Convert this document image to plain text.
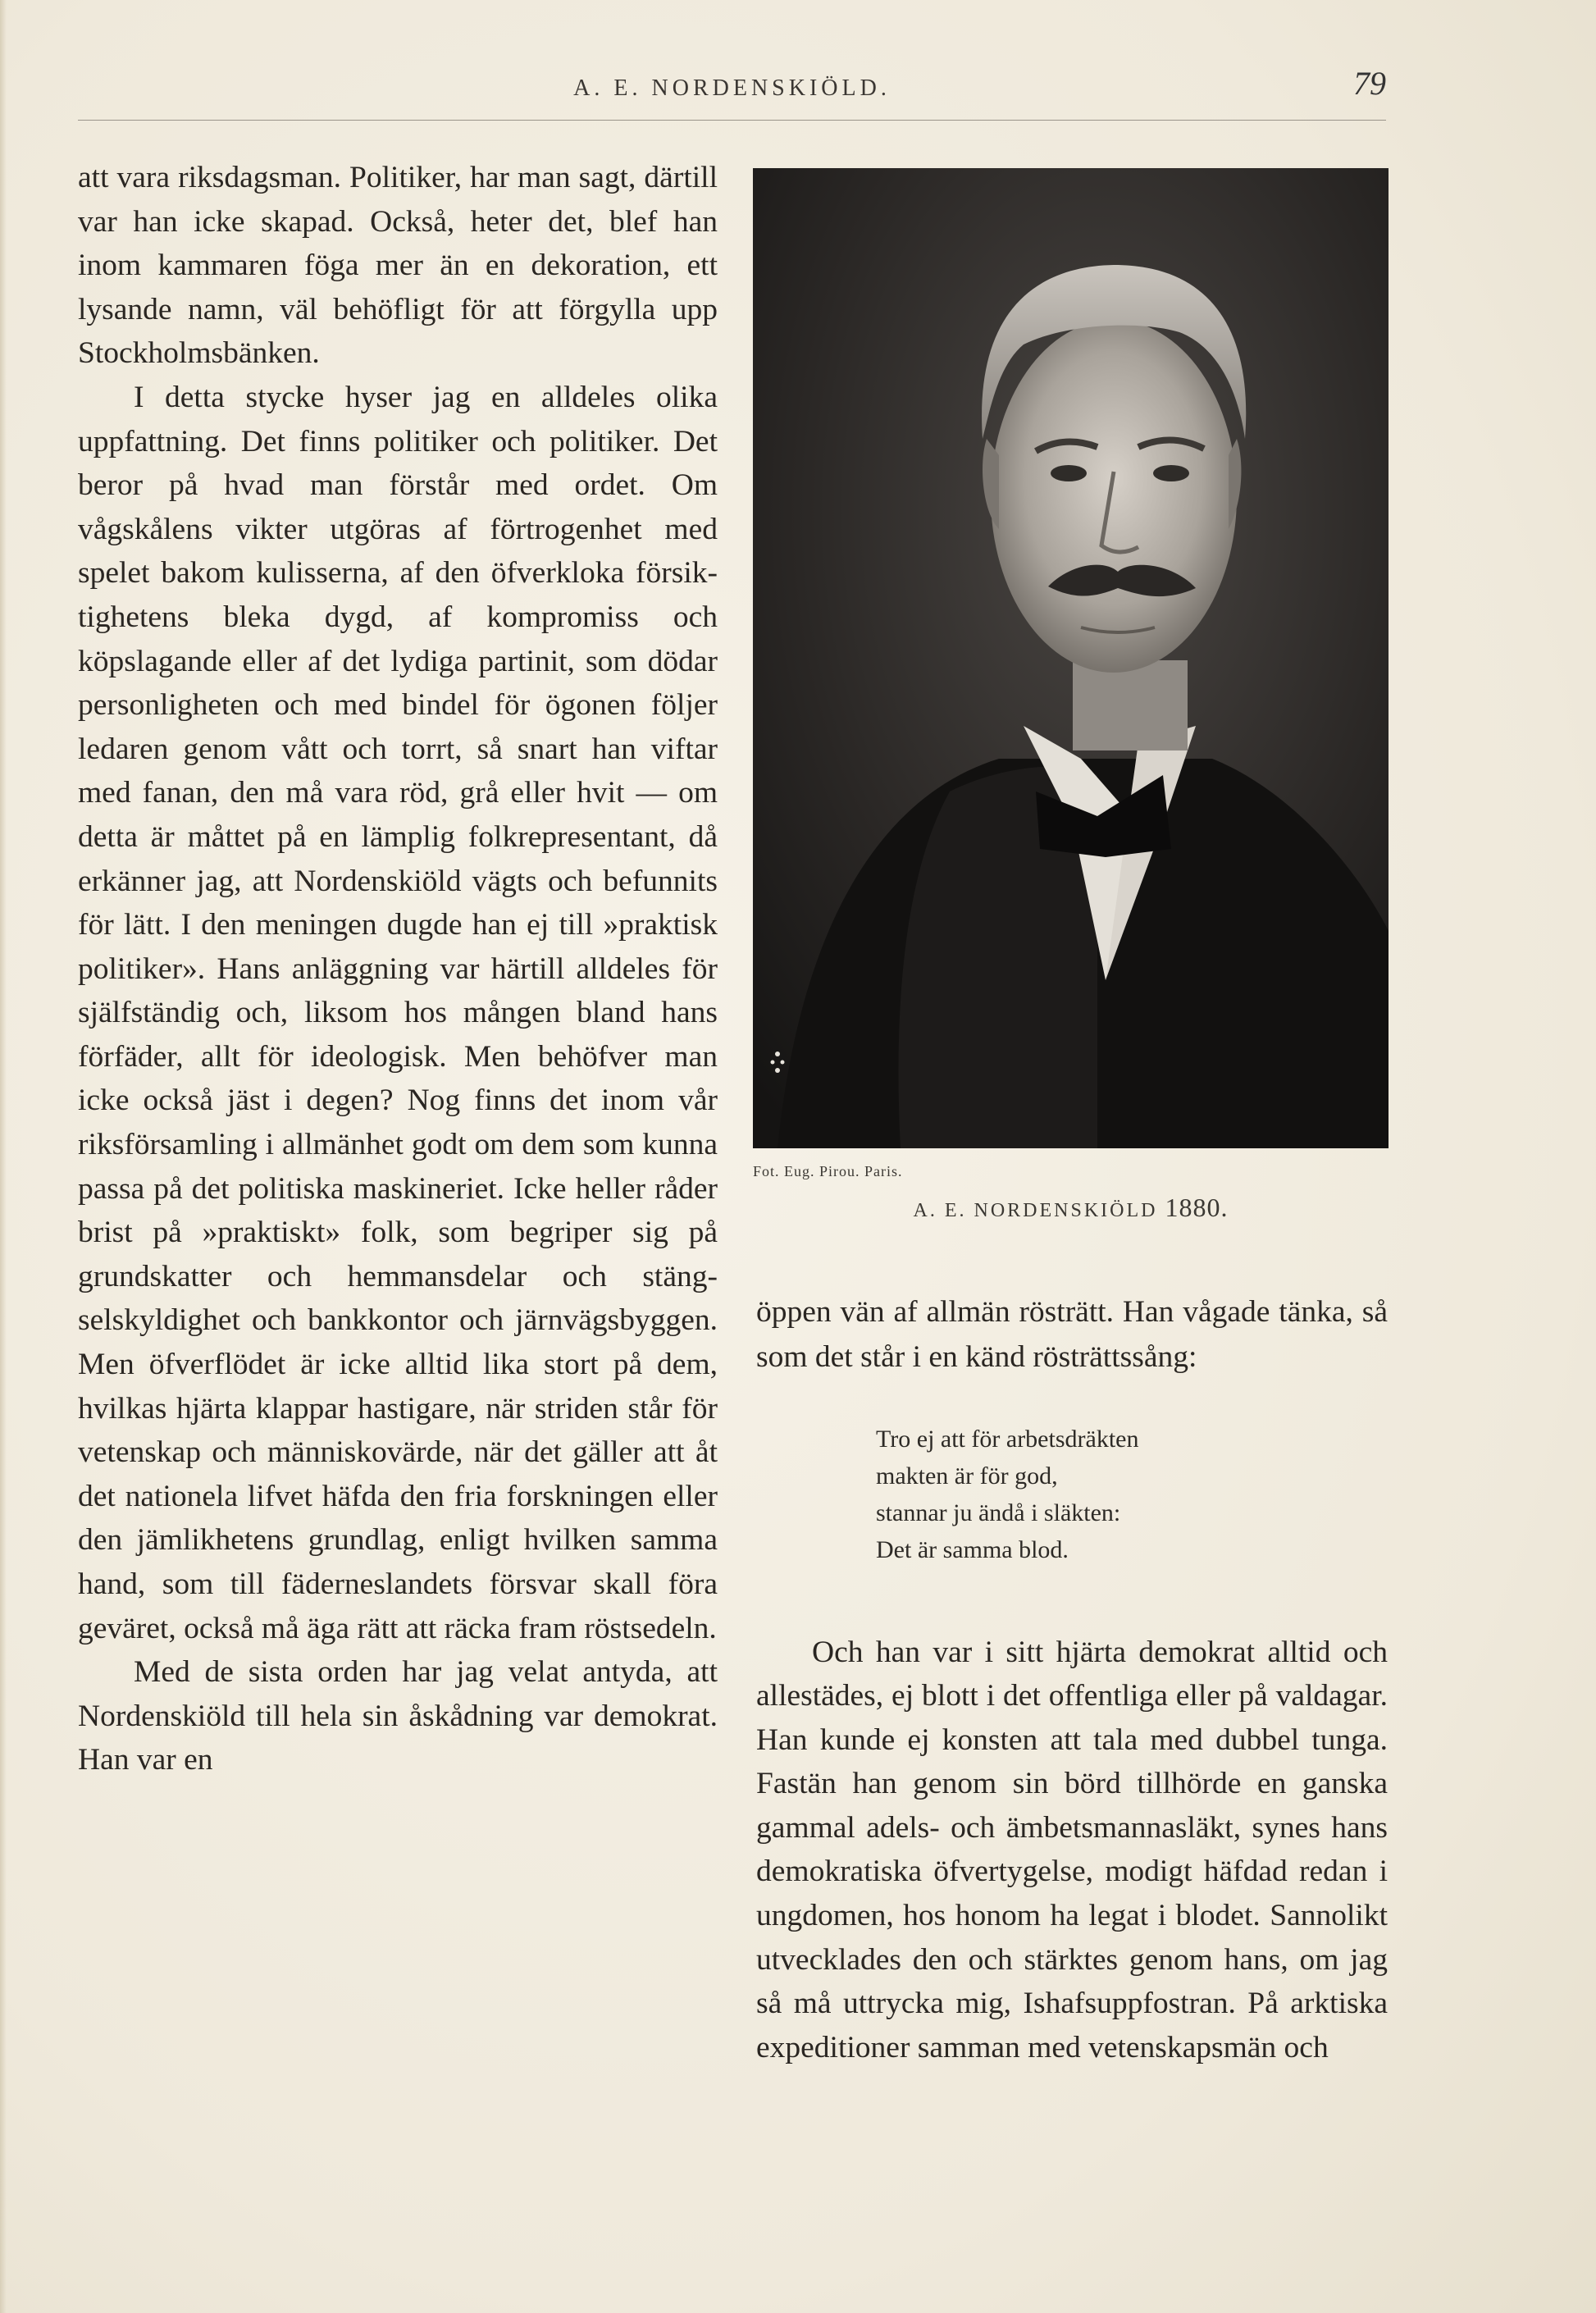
A. E. NORDENSKIÖLD.	79

att vara riksdagsman. Politiker, har man sagt, därtill var han icke skapad. Också, heter det, blef han inom kammaren föga mer än en dekoration, ett lysande namn, väl behöfligt för att förgylla upp Stockholmsbänken.

I detta stycke hyser jag en alldeles olika uppfattning. Det finns politiker och politiker. Det beror på hvad man förstår med ordet. Om vågskålens vikter utgöras af förtrogenhet med spelet bakom kulisserna, af den öfverkloka försiktighetens bleka dygd, af kompromiss och köpslagande eller af det lydiga partinit, som dödar personligheten och med bindel för ögonen följer ledaren genom vått och torrt, så snart han viftar med fanan, den må vara röd, grå eller hvit — om detta är måttet på en lämplig folkrepresentant, då erkänner jag, att Nordenskiöld vägts och befunnits för lätt. I den meningen dugde han ej till »praktisk politiker». Hans anläggning var härtill alldeles för själfständig och, liksom hos mången bland hans förfäder, allt för ideologisk. Men behöfver man icke också jäst i degen? Nog finns det inom vår riksförsamling i allmänhet godt om dem som kunna passa på det politiska maskineriet. Icke heller råder brist på »praktiskt» folk, som begriper sig på grundskatter och hemmansdelar och stängselskyldighet och bankkontor och järnvägsbyggen. Men öfverflödet är icke alltid lika stort på dem, hvilkas hjärta klappar hastigare, när striden står för vetenskap och människovärde, när det gäller att åt det nationela lifvet häfda den fria forskningen eller den jämlikhetens grundlag, enligt hvilken samma hand, som till fäderneslandets försvar skall föra geväret, också må äga rätt att räcka fram röstsedeln.

Med de sista orden har jag velat antyda, att Nordenskiöld till hela sin åskådning var demokrat. Han var en

Fot. Eug. Pirou. Paris.
A. E. NORDENSKIÖLD 1880.

öppen vän af allmän rösträtt. Han vågade tänka, så som det står i en känd rösträttssång:

Tro ej att för arbetsdräkten
makten är för god,
stannar ju ändå i släkten:
Det är samma blod.

Och han var i sitt hjärta demokrat alltid och allestädes, ej blott i det offentliga eller på valdagar. Han kunde ej konsten att tala med dubbel tunga. Fastän han genom sin börd tillhörde en ganska gammal adels- och ämbetsmannasläkt, synes hans demokratiska öfvertygelse, modigt häfdad redan i ungdomen, hos honom ha legat i blodet. Sannolikt utvecklades den och stärktes genom hans, om jag så må uttrycka mig, Ishafsuppfostran. På arktiska expeditioner samman med vetenskapsmän och
